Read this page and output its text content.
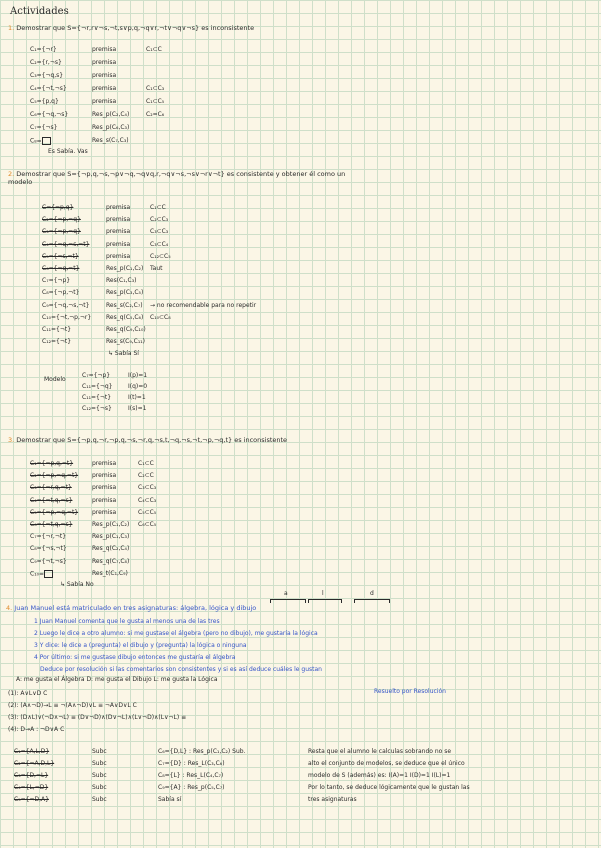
Actividades
1. Demostrar que S={¬r,r∨¬s,¬t,s∨p,q,¬q∨r,¬t∨¬q∨¬s} es inconsistente
C₁={¬r}	premisa	C₁⊂C
C₂={r,¬s}	premisa
C₃={¬q,s}	premisa
C₄={¬t,¬s}	premisa	C₁⊂C₃
C₅={p,q}	premisa	C₁⊂C₅
C₆={¬q,¬s}	Res_p(C₂,C₄)	C₂=C₆
C₇={¬s}	Res_p(C₆,C₃)
C₈=	Res_s(C₇,C₃)
Es Sabía. Vas
2. Demostrar que S={¬p,q,¬s,¬p∨¬q,¬q∨q,r,¬q∨¬s,¬s∨¬r∨¬t} es consistente y obtener él como un modelo
C={¬p,q}	premisa	C₁⊂C
C₂={¬p,¬q}	premisa	C₂⊂C₃
C₃={¬p,¬q}	premisa	C₃⊂C₃
C₄={¬q,¬s,¬t}	premisa	C₃⊂C₄
C₅={¬s,¬t}	premisa	C₁₂⊂C₅
C₆={¬q,¬t}	Res_p(C₁,C₂) Taut
C₇={¬p}	Res(C₁,C₃)
C₈={¬p,¬t}	Res_p(C₃,C₅)
C₉={¬q,¬s,¬t}	Res_s(C₂,C₇) → no recomendable para no repetir
C₁₀={¬t,¬p,¬r} Res_q(C₅,C₆) C₁₀⊂C₈
C₁₁={¬t}	Res_q(C₉,C₁₀)
C₁₂={¬t}	Res_s(C₉,C₁₁)
↳ Sabía Sí
Modelo
C₇={¬p}	I(p)=1
C₁₁={¬q}	I(q)=0
C₁₁={¬t}	I(t)=1
C₁₂={¬s}	I(s)=1
3. Demostrar que S={¬p,q,¬r,¬p,q,¬s,¬r,q,¬s,t,¬q,¬s,¬t,¬p,¬q,t} es inconsistente
C₁={¬p,q,¬t}	premisa	C₁⊂C
C₂={¬p,¬q,¬t} premisa	C₂⊂C
C₃={¬r,q,¬t}	premisa	C₃⊂C₃
C₄={¬t,q,¬s}	premisa	C₄⊂C₃
C₅={¬p,¬q,¬t} premisa	C₅⊂C₅
C₆={¬t,q,¬s}	Res_p(C₁,C₂) C₆⊂C₅
C₇={¬r,¬t}	Res_p(C₁,C₃)
C₈={¬s,¬t}	Res_q(C₂,C₄)
C₉={¬t,¬s}	Res_q(C₇,C₈)
C₁₀=	Res_t(C₁,C₉)
↳ Sabía No
a	l	d
4. Juan Manuel está matriculado en tres asignaturas: álgebra, lógica y dibujo
1 Juan Manuel comenta que le gusta al menos una de las tres
2 Luego le dice a otro alumno: si me gustase el álgebra (pero no dibujo), me gustaría la lógica
3 Y dice: le dice a (pregunta) el dibujo y (pregunta) la lógica o ninguna
4 Por último: si me gustase dibujo entonces me gustaría el álgebra
Deduce por resolución si las comentarios son consistentes y si es así deduce cuáles le gustan
A: me gusta el Álgebra D: me gusta el Dibujo L: me gusta la Lógica
Resuelto por Resolución
(1): A∨L∨D C
(2): (A∧¬D)→L ≡ ¬(A∧¬D)∨L ≡ ¬A∨D∨L C
(3): (D∧L)∨(¬D∧¬L) ≡ (D∨¬D)∧(D∨¬L)∧(L∨¬D)∧(L∨¬L) ≡
(4): D→A : ¬D∨A C
C₁={A,L,D}	Subc
C₂={¬A,D,L}	Subc
C₃={D,¬L}	Subc
C₄={L,¬D}	Subc
C₅={¬D,A}	Subc
C₆={D,L} : Res_p(C₁,C₂) Sub.
C₇={D} : Res_L(C₃,C₆)
C₈={L} : Res_L(C₄,C₇)
C₉={A} : Res_p(C₅,C₇)
Sabía sí
Resta que el alumno le calculas sobrando no se
alto el conjunto de modelos, se deduce que el único
modelo de S (además) es: I(A)=1 I(D)=1 I(L)=1
Por lo tanto, se deduce lógicamente que le gustan las
tres asignaturas
